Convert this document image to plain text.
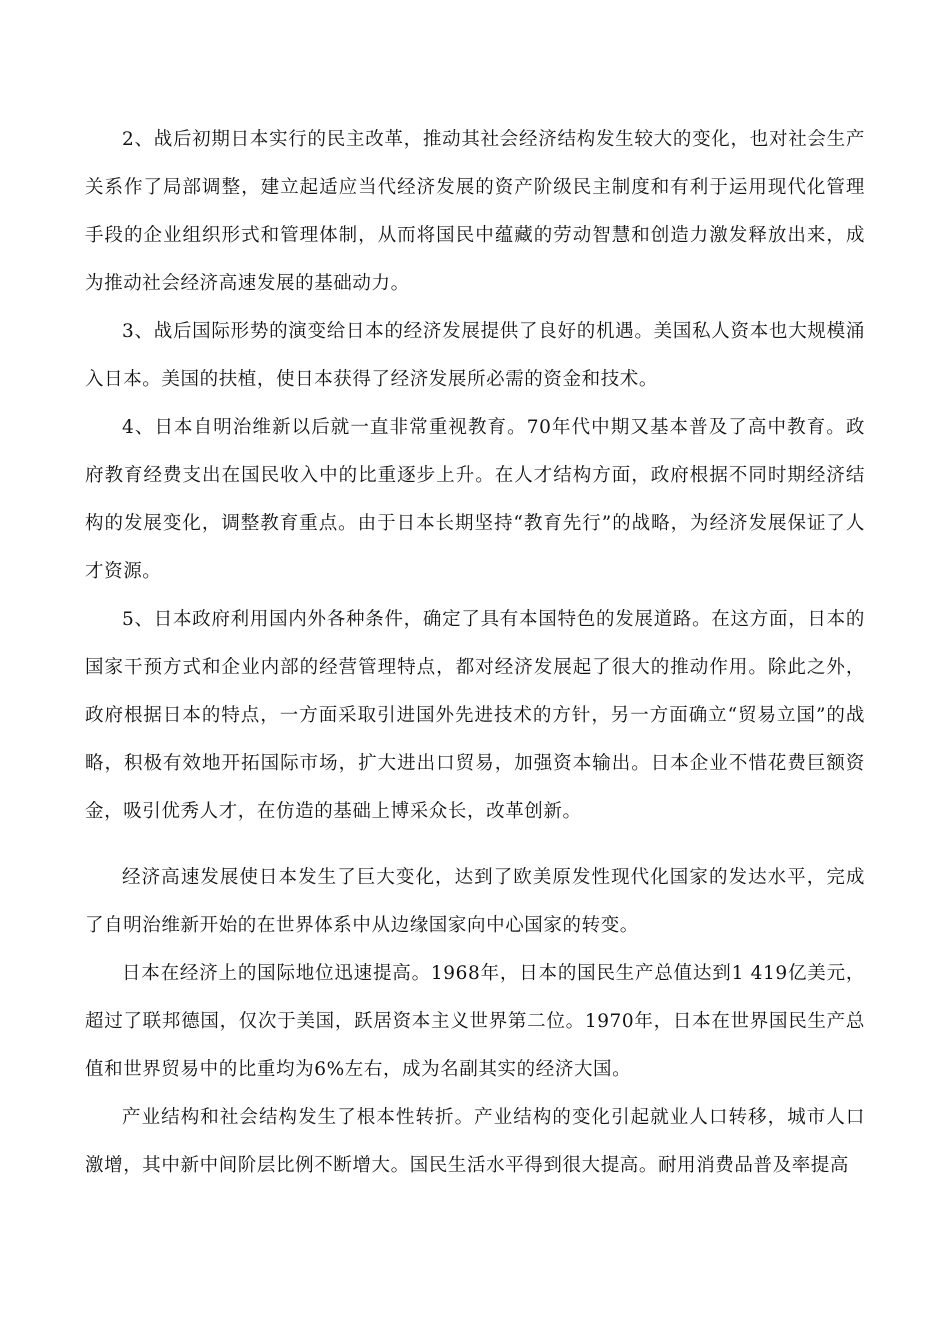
2、战后初期日本实行的民主改革，推动其社会经济结构发生较大的变化，也对社会生产关系作了局部调整，建立起适应当代经济发展的资产阶级民主制度和有利于运用现代化管理手段的企业组织形式和管理体制，从而将国民中蕴藏的劳动智慧和创造力激发释放出来，成为推动社会经济高速发展的基础动力。

3、战后国际形势的演变给日本的经济发展提供了良好的机遇。美国私人资本也大规模涌入日本。美国的扶植，使日本获得了经济发展所必需的资金和技术。

4、日本自明治维新以后就一直非常重视教育。70年代中期又基本普及了高中教育。政府教育经费支出在国民收入中的比重逐步上升。在人才结构方面，政府根据不同时期经济结构的发展变化，调整教育重点。由于日本长期坚持“教育先行”的战略，为经济发展保证了人才资源。

5、日本政府利用国内外各种条件，确定了具有本国特色的发展道路。在这方面，日本的国家干预方式和企业内部的经营管理特点，都对经济发展起了很大的推动作用。除此之外，政府根据日本的特点，一方面采取引进国外先进技术的方针，另一方面确立“贸易立国”的战略，积极有效地开拓国际市场，扩大进出口贸易，加强资本输出。日本企业不惜花费巨额资金，吸引优秀人才，在仿造的基础上博采众长，改革创新。

经济高速发展使日本发生了巨大变化，达到了欧美原发性现代化国家的发达水平，完成了自明治维新开始的在世界体系中从边缘国家向中心国家的转变。

日本在经济上的国际地位迅速提高。1968年，日本的国民生产总值达到1 419亿美元，超过了联邦德国，仅次于美国，跃居资本主义世界第二位。1970年，日本在世界国民生产总值和世界贸易中的比重均为6%左右，成为名副其实的经济大国。

产业结构和社会结构发生了根本性转折。产业结构的变化引起就业人口转移，城市人口激增，其中新中间阶层比例不断增大。国民生活水平得到很大提高。耐用消费品普及率提高
